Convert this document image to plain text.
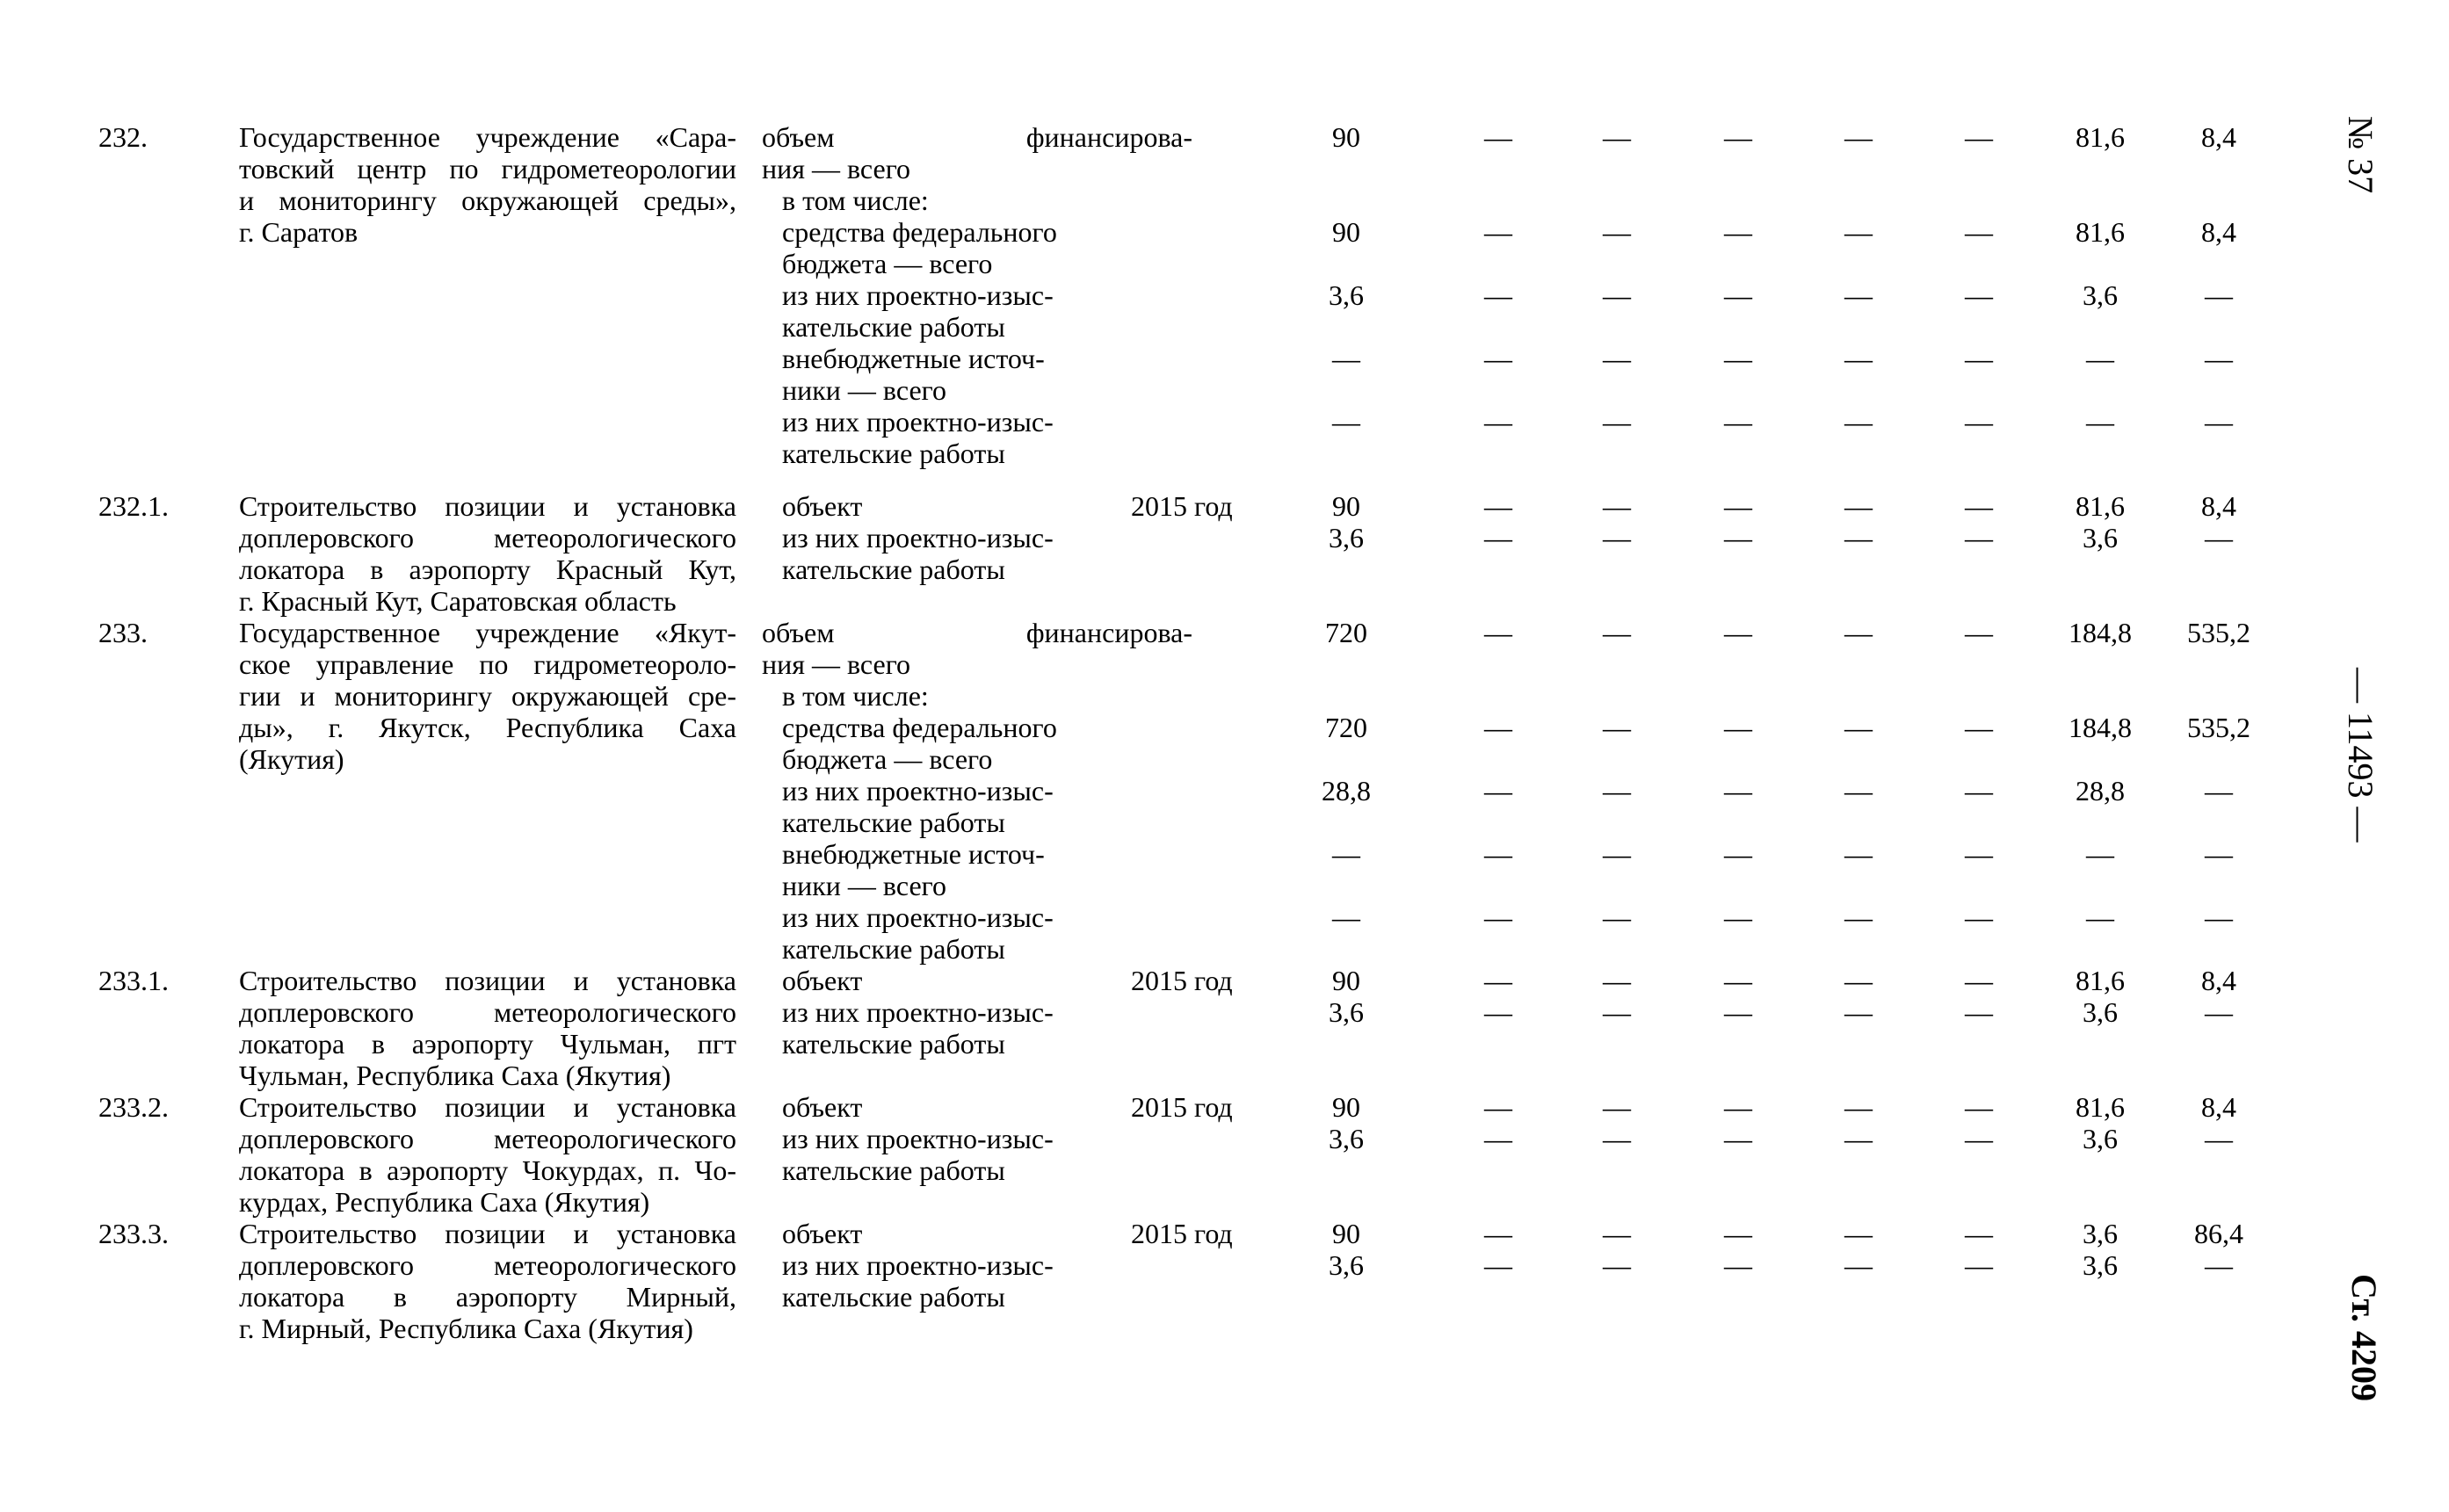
232.	Государственное учреждение «Сара-
товский центр по гидрометеорологии
и мониторингу окружающей среды»,
г. Саратов
объем финансирова-
ния — всего
90	—	—	—	—	—	81,6	8,4
в том числе:
средства федерального
бюджета — всего
90	—	—	—	—	—	81,6	8,4
из них проектно-изыс-
кательские работы
3,6	—	—	—	—	—	3,6	—
внебюджетные источ-
ники — всего
—	—	—	—	—	—	—	—
из них проектно-изыс-
кательские работы
—	—	—	—	—	—	—	—
232.1.	Строительство позиции и установка
доплеровского метеорологического
локатора в аэропорту Красный Кут,
г. Красный Кут, Саратовская область
объект	2015 год	90	—	—	—	—	—	81,6	8,4
из них проектно-изыс-
кательские работы
3,6	—	—	—	—	—	3,6	—
233.	Государственное учреждение «Якут-
ское управление по гидрометеороло-
гии и мониторингу окружающей сре-
ды», г. Якутск, Республика Саха
(Якутия)
объем финансирова-
ния — всего
720	—	—	—	—	—	184,8	535,2
в том числе:
средства федерального
бюджета — всего
720	—	—	—	—	—	184,8	535,2
из них проектно-изыс-
кательские работы
28,8	—	—	—	—	—	28,8	—
внебюджетные источ-
ники — всего
—	—	—	—	—	—	—	—
из них проектно-изыс-
кательские работы
—	—	—	—	—	—	—	—
233.1.	Строительство позиции и установка
доплеровского метеорологического
локатора в аэропорту Чульман, пгт
Чульман, Республика Саха (Якутия)
объект	2015 год	90	—	—	—	—	—	81,6	8,4
из них проектно-изыс-
кательские работы
3,6	—	—	—	—	—	3,6	—
233.2.	Строительство позиции и установка
доплеровского метеорологического
локатора в аэропорту Чокурдах, п. Чо-
курдах, Республика Саха (Якутия)
объект	2015 год	90	—	—	—	—	—	81,6	8,4
из них проектно-изыс-
кательские работы
3,6	—	—	—	—	—	3,6	—
233.3.	Строительство позиции и установка
доплеровского метеорологического
локатора в аэропорту Мирный,
г. Мирный, Республика Саха (Якутия)
объект	2015 год	90	—	—	—	—	—	3,6	86,4
из них проектно-изыс-
кательские работы
3,6	—	—	—	—	—	3,6	—
№ 37
— 11493 —
Ст. 4209
